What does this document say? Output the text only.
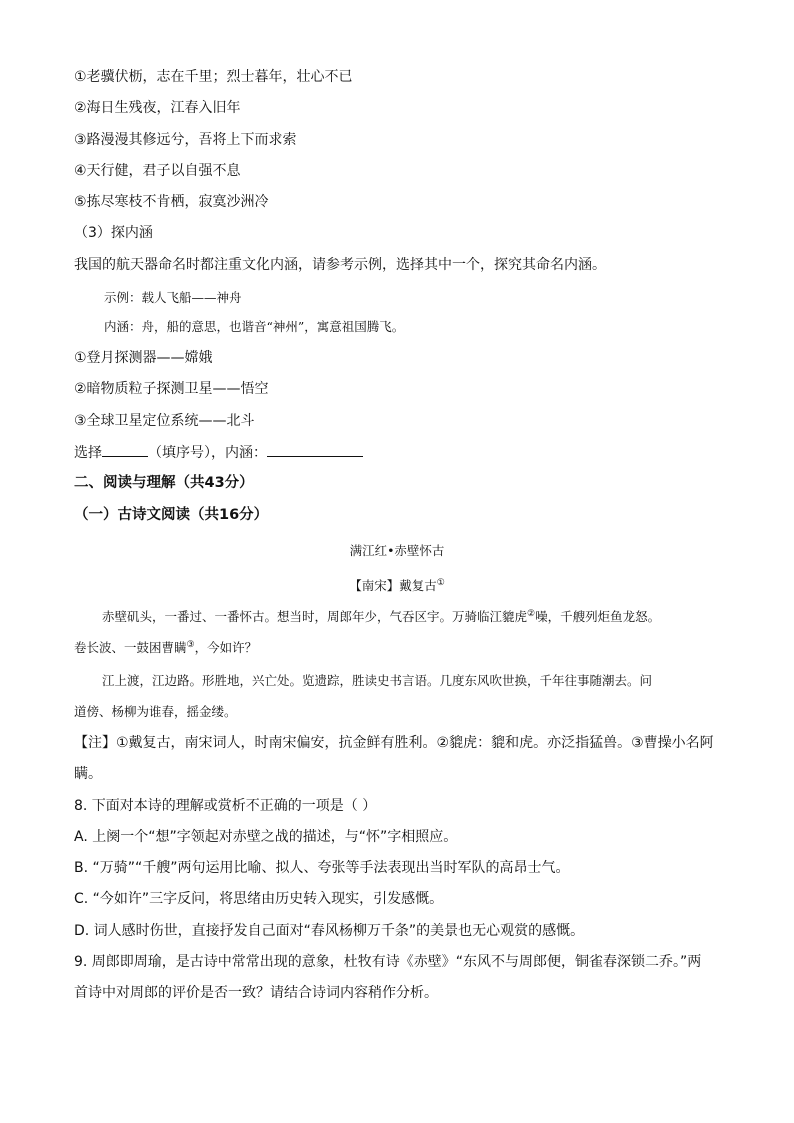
①老骥伏枥，志在千里；烈士暮年，壮心不已
②海日生残夜，江春入旧年
③路漫漫其修远兮，吾将上下而求索
④天行健，君子以自强不息
⑤拣尽寒枝不肯栖，寂寞沙洲冷
（3）探内涵
我国的航天器命名时都注重文化内涵，请参考示例，选择其中一个，探究其命名内涵。
示例：载人飞船——神舟
内涵：舟，船的意思，也谐音“神州”，寓意祖国腾飞。
①登月探测器——嫦娥
②暗物质粒子探测卫星——悟空
③全球卫星定位系统——北斗
选择	（填序号），内涵：
二、阅读与理解（共43分）
（一）古诗文阅读（共16分）
满江红•赤壁怀古
【南宋】戴复古①
赤壁矶头，一番过、一番怀古。想当时，周郎年少，气吞区宇。万骑临江貔虎②噪，千艘列炬鱼龙怒。
卷长波、一鼓困曹瞒③，今如许？
江上渡，江边路。形胜地，兴亡处。览遗踪，胜读史书言语。几度东风吹世换，千年往事随潮去。问
道傍、杨柳为谁春，摇金缕。
【注】①戴复古，南宋词人，时南宋偏安，抗金鲜有胜利。②貔虎：貔和虎。亦泛指猛兽。③曹操小名阿
瞒。
8. 下面对本诗的理解或赏析不正确的一项是（ ）
A. 上阕一个“想”字领起对赤壁之战的描述，与“怀”字相照应。
B. “万骑”“千艘”两句运用比喻、拟人、夸张等手法表现出当时军队的高昂士气。
C. “今如许”三字反问，将思绪由历史转入现实，引发感慨。
D. 词人感时伤世，直接抒发自己面对“春风杨柳万千条”的美景也无心观赏的感慨。
9. 周郎即周瑜，是古诗中常常出现的意象，杜牧有诗《赤壁》“东风不与周郎便，铜雀春深锁二乔。”两
首诗中对周郎的评价是否一致？请结合诗词内容稍作分析。
